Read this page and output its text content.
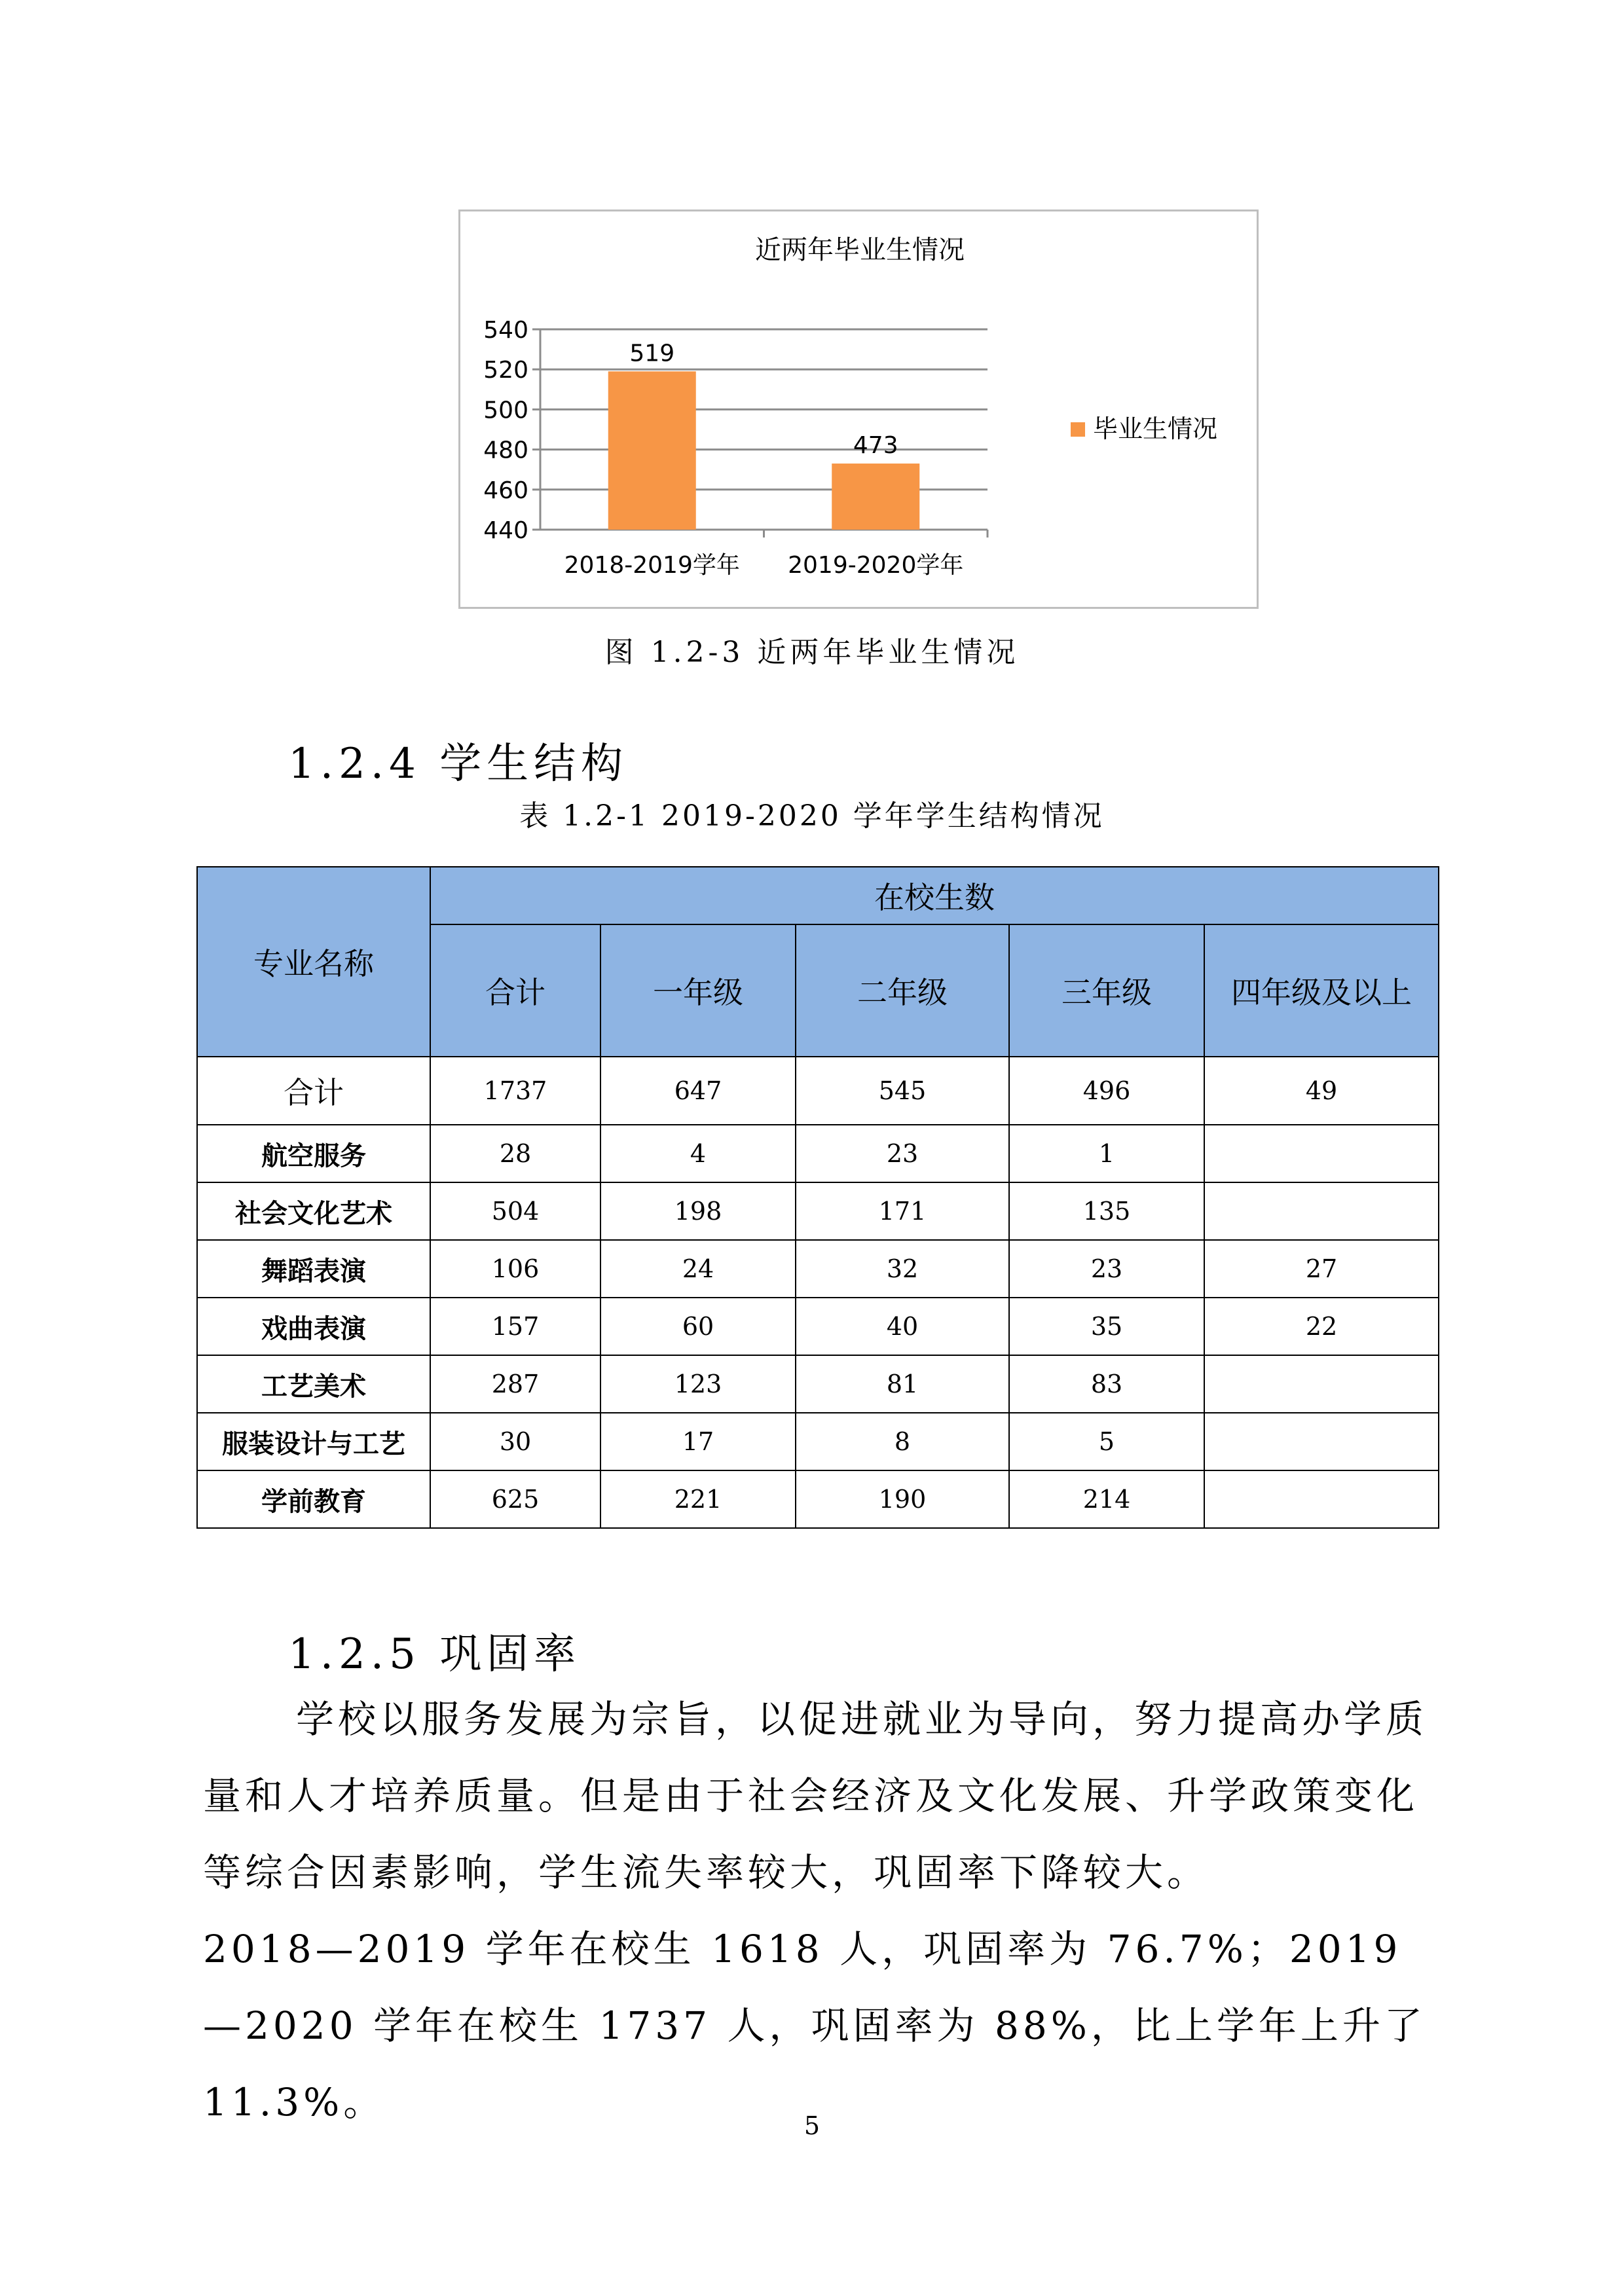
近两年毕业生情况
540
520
500
480
460
440
519
2018-2019学年
473
2019-2020学年
毕业生情况
图 1.2-3 近两年毕业生情况
1.2.4 学生结构
表 1.2-1 2019-2020 学年学生结构情况
专业名称	在校生数				
	合计	一年级	二年级	三年级	四年级及以上
合计	1737	647	545	496	49
航空服务	28	4	23	1	
社会文化艺术	504	198	171	135	
舞蹈表演	106	24	32	23	27
戏曲表演	157	60	40	35	22
工艺美术	287	123	81	83	
服装设计与工艺	30	17	8	5	
学前教育	625	221	190	214	
1.2.5 巩固率

学校以服务发展为宗旨，以促进就业为导向，努力提高办学质量和人才培养质量。但是由于社会经济及文化发展、升学政策变化等综合因素影响，学生流失率较大，巩固率下降较大。

2018—2019 学年在校生 1618 人，巩固率为 76.7%；2019—2020 学年在校生 1737 人，巩固率为 88%，比上学年上升了 11.3%。

5
